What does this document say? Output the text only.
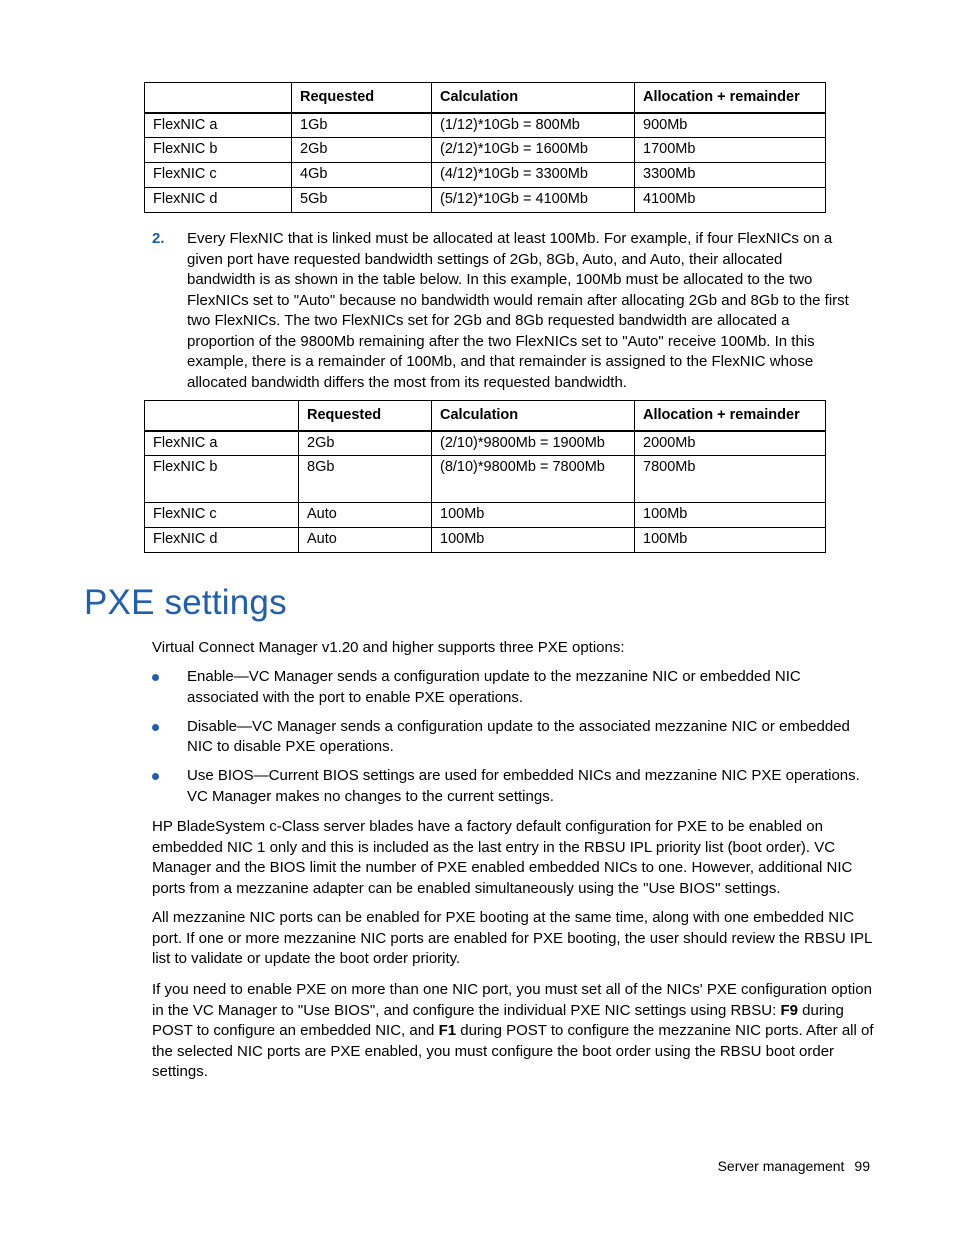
	Requested	Calculation	Allocation + remainder
FlexNIC a	1Gb	(1/12)*10Gb = 800Mb	900Mb
FlexNIC b	2Gb	(2/12)*10Gb = 1600Mb	1700Mb
FlexNIC c	4Gb	(4/12)*10Gb = 3300Mb	3300Mb
FlexNIC d	5Gb	(5/12)*10Gb = 4100Mb	4100Mb
2. Every FlexNIC that is linked must be allocated at least 100Mb. For example, if four FlexNICs on a given port have requested bandwidth settings of 2Gb, 8Gb, Auto, and Auto, their allocated bandwidth is as shown in the table below. In this example, 100Mb must be allocated to the two FlexNICs set to "Auto" because no bandwidth would remain after allocating 2Gb and 8Gb to the first two FlexNICs. The two FlexNICs set for 2Gb and 8Gb requested bandwidth are allocated a proportion of the 9800Mb remaining after the two FlexNICs set to "Auto" receive 100Mb. In this example, there is a remainder of 100Mb, and that remainder is assigned to the FlexNIC whose allocated bandwidth differs the most from its requested bandwidth.
	Requested	Calculation	Allocation + remainder
FlexNIC a	2Gb	(2/10)*9800Mb = 1900Mb	2000Mb
FlexNIC b	8Gb	(8/10)*9800Mb = 7800Mb	7800Mb
FlexNIC c	Auto	100Mb	100Mb
FlexNIC d	Auto	100Mb	100Mb
PXE settings

Virtual Connect Manager v1.20 and higher supports three PXE options:

Enable—VC Manager sends a configuration update to the mezzanine NIC or embedded NIC associated with the port to enable PXE operations.
Disable—VC Manager sends a configuration update to the associated mezzanine NIC or embedded NIC to disable PXE operations.
Use BIOS—Current BIOS settings are used for embedded NICs and mezzanine NIC PXE operations. VC Manager makes no changes to the current settings.

HP BladeSystem c-Class server blades have a factory default configuration for PXE to be enabled on embedded NIC 1 only and this is included as the last entry in the RBSU IPL priority list (boot order). VC Manager and the BIOS limit the number of PXE enabled embedded NICs to one. However, additional NIC ports from a mezzanine adapter can be enabled simultaneously using the "Use BIOS" settings.

All mezzanine NIC ports can be enabled for PXE booting at the same time, along with one embedded NIC port. If one or more mezzanine NIC ports are enabled for PXE booting, the user should review the RBSU IPL list to validate or update the boot order priority.

If you need to enable PXE on more than one NIC port, you must set all of the NICs' PXE configuration option in the VC Manager to "Use BIOS", and configure the individual PXE NIC settings using RBSU: F9 during POST to configure an embedded NIC, and F1 during POST to configure the mezzanine NIC ports. After all of the selected NIC ports are PXE enabled, you must configure the boot order using the RBSU boot order settings.

Server management 99
